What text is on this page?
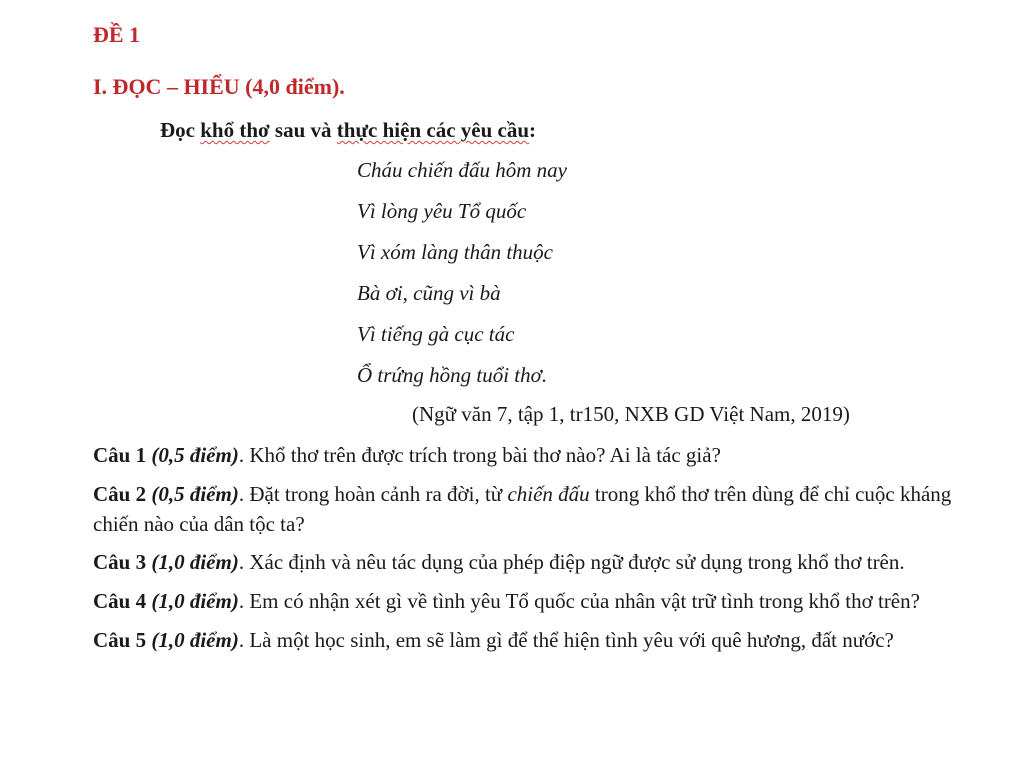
ĐỀ 1
I. ĐỌC – HIỂU (4,0 điểm).
Đọc khổ thơ sau và thực hiện các yêu cầu:
Cháu chiến đấu hôm nay
Vì lòng yêu Tổ quốc
Vì xóm làng thân thuộc
Bà ơi, cũng vì bà
Vì tiếng gà cục tác
Ổ trứng hồng tuổi thơ.
(Ngữ văn 7, tập 1, tr150, NXB GD Việt Nam, 2019)
Câu 1 (0,5 điểm). Khổ thơ trên được trích trong bài thơ nào? Ai là tác giả?
Câu 2 (0,5 điểm). Đặt trong hoàn cảnh ra đời, từ chiến đấu trong khổ thơ trên dùng để chỉ cuộc kháng chiến nào của dân tộc ta?
Câu 3 (1,0 điểm). Xác định và nêu tác dụng của phép điệp ngữ được sử dụng trong khổ thơ trên.
Câu 4 (1,0 điểm). Em có nhận xét gì về tình yêu Tổ quốc của nhân vật trữ tình trong khổ thơ trên?
Câu 5 (1,0 điểm). Là một học sinh, em sẽ làm gì để thể hiện tình yêu với quê hương, đất nước?
